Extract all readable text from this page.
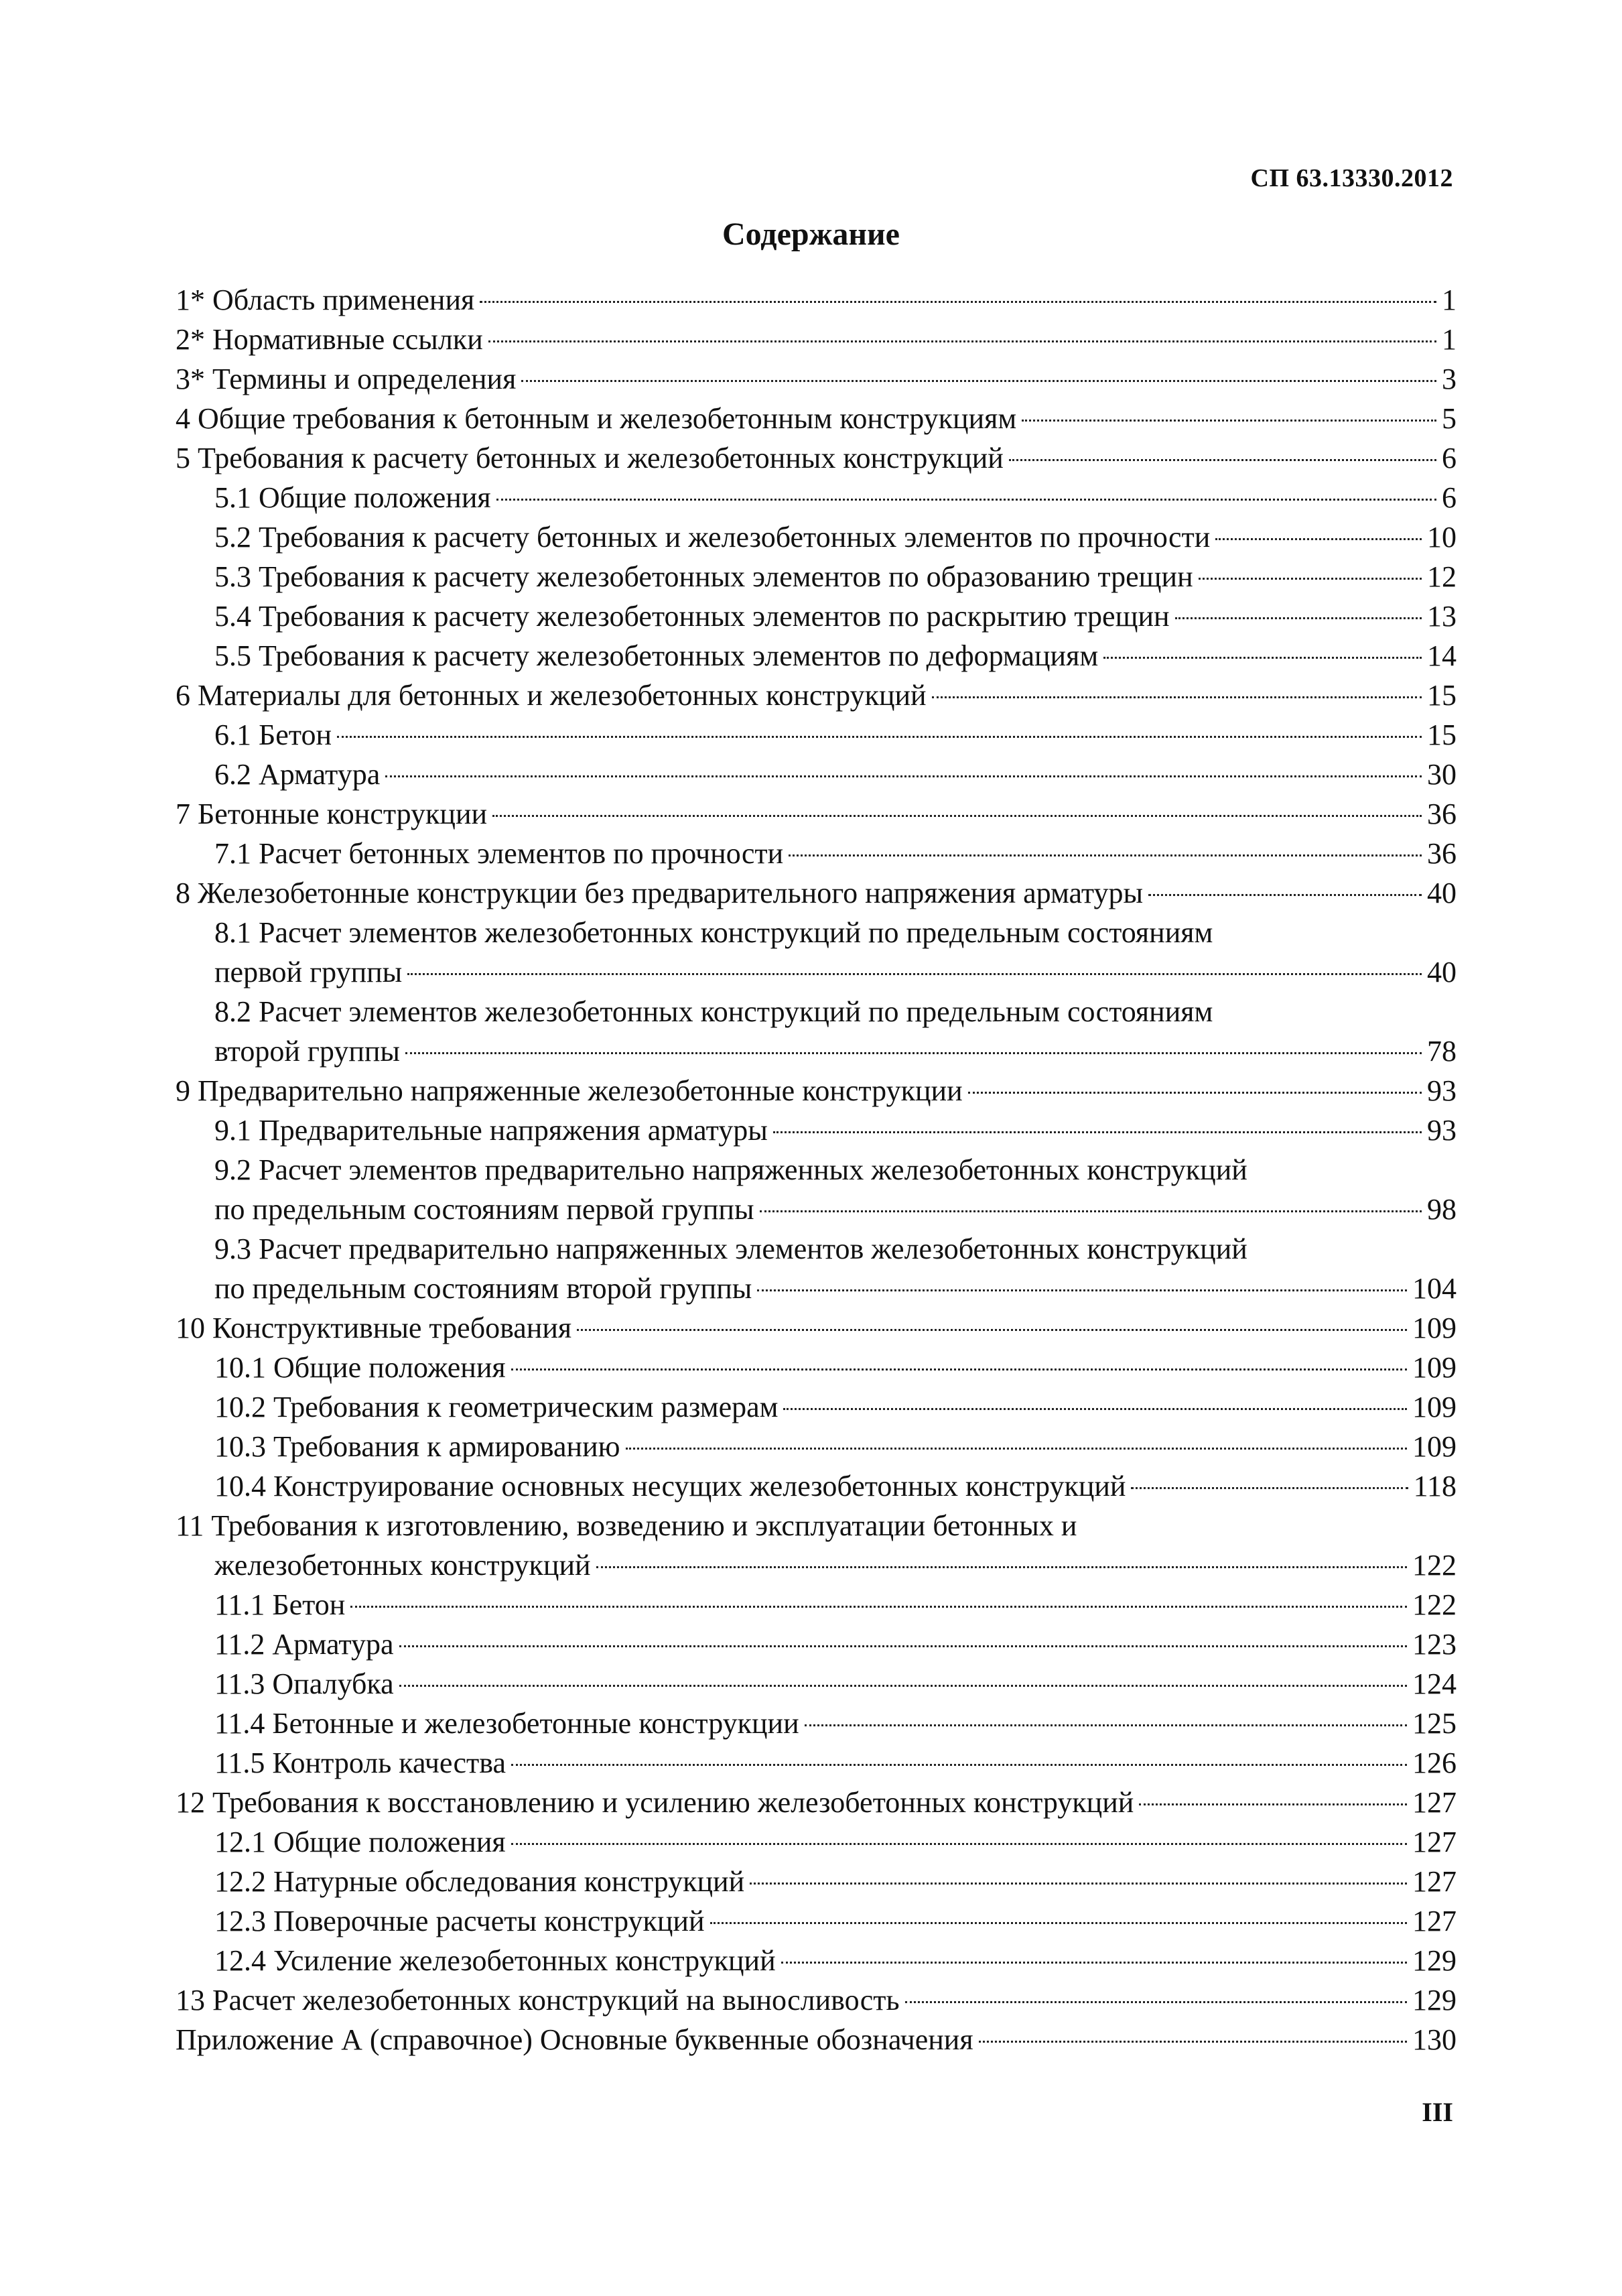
СП 63.13330.2012
Содержание
1* Область применения	1
2* Нормативные ссылки	1
3* Термины и определения	3
4 Общие требования к бетонным и железобетонным конструкциям	5
5 Требования к расчету бетонных и железобетонных конструкций	6
5.1 Общие положения	6
5.2 Требования к расчету бетонных и железобетонных элементов по прочности	10
5.3 Требования к расчету железобетонных элементов по образованию трещин	12
5.4 Требования к расчету железобетонных элементов по раскрытию трещин	13
5.5 Требования к расчету железобетонных элементов по деформациям	14
6 Материалы для бетонных и железобетонных конструкций	15
6.1 Бетон	15
6.2 Арматура	30
7 Бетонные конструкции	36
7.1 Расчет бетонных элементов по прочности	36
8 Железобетонные конструкции без предварительного напряжения арматуры	40
8.1 Расчет элементов железобетонных конструкций по предельным состояниям
первой группы	40
8.2 Расчет элементов железобетонных конструкций по предельным состояниям
второй группы	78
9 Предварительно напряженные железобетонные конструкции	93
9.1 Предварительные напряжения арматуры	93
9.2 Расчет элементов предварительно напряженных железобетонных конструкций
по предельным состояниям первой группы	98
9.3 Расчет предварительно напряженных элементов железобетонных конструкций
по предельным состояниям второй группы	104
10 Конструктивные требования	109
10.1 Общие положения	109
10.2 Требования к геометрическим размерам	109
10.3 Требования к армированию	109
10.4 Конструирование основных несущих железобетонных конструкций	118
11 Требования к изготовлению, возведению и эксплуатации бетонных и
железобетонных конструкций	122
11.1 Бетон	122
11.2 Арматура	123
11.3 Опалубка	124
11.4 Бетонные и железобетонные конструкции	125
11.5 Контроль качества	126
12 Требования к восстановлению и усилению железобетонных конструкций	127
12.1 Общие положения	127
12.2 Натурные обследования конструкций	127
12.3 Поверочные расчеты конструкций	127
12.4 Усиление железобетонных конструкций	129
13 Расчет железобетонных конструкций на выносливость	129
Приложение А (справочное) Основные буквенные обозначения	130
III
